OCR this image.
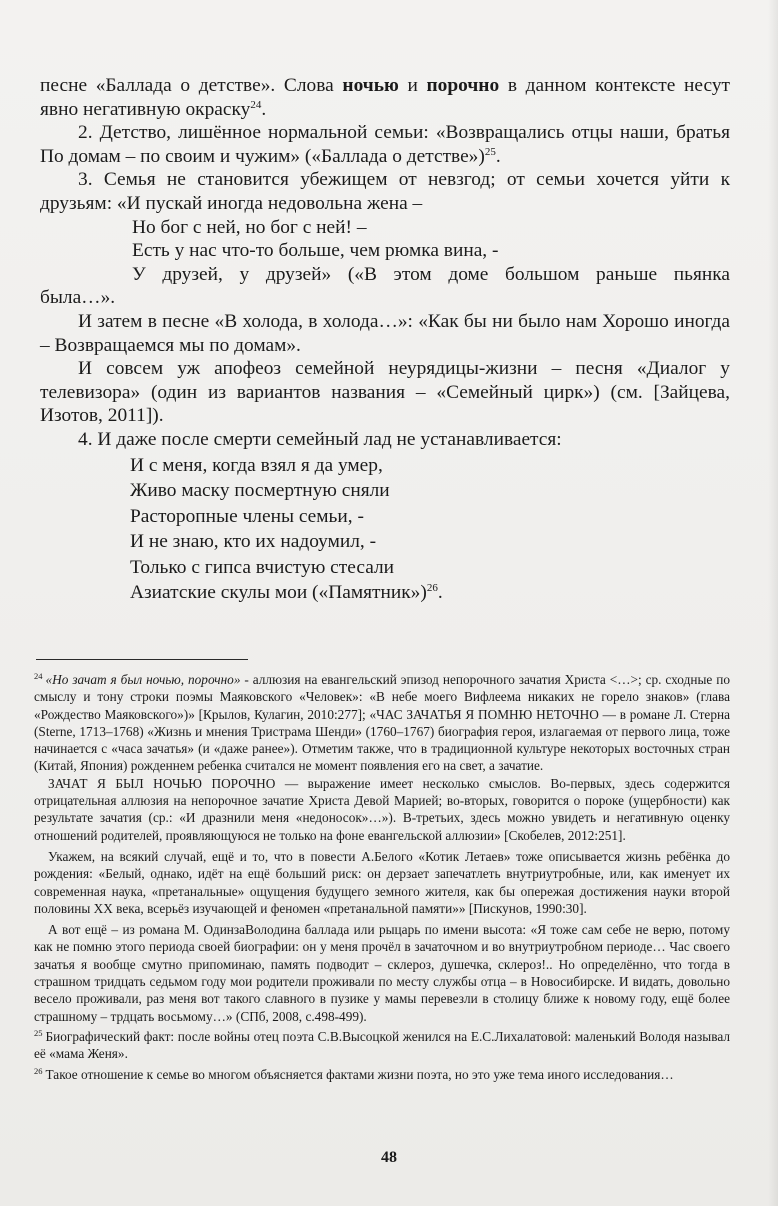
песне «Баллада о детстве». Слова ночью и порочно в данном контексте несут явно негативную окраску$^{24}$.

2. Детство, лишённое нормальной семьи: «Возвращались отцы наши, братья По домам – по своим и чужим» («Баллада о детстве»)$^{25}$.

3. Семья не становится убежищем от невзгод; от семьи хочется уйти к друзьям: «И пускай иногда недовольна жена –

Но бог с ней, но бог с ней! –

Есть у нас что-то больше, чем рюмка вина, -

У друзей, у друзей» («В этом доме большом раньше пьянка

была…».

И затем в песне «В холода, в холода…»: «Как бы ни было нам Хорошо иногда – Возвращаемся мы по домам».

И совсем уж апофеоз семейной неурядицы-жизни – песня «Диалог у телевизора» (один из вариантов названия – «Семейный цирк») (см. [Зайцева, Изотов, 2011]).

4. И даже после смерти семейный лад не устанавливается:

И с меня, когда взял я да умер,
Живо маску посмертную сняли
Расторопные члены семьи, -
И не знаю, кто их надоумил, -
Только с гипса вчистую стесали
Азиатские скулы мои («Памятник»)$^{26}$.

$^{24}$ «Но зачат я был ночью, порочно» - аллюзия на евангельский эпизод непорочного зачатия Христа <…>; ср. сходные по смыслу и тону строки поэмы Маяковского «Человек»: «В небе моего Вифлеема никаких не горело знаков» (глава «Рождество Маяковского»)» [Крылов, Кулагин, 2010:277]; «ЧАС ЗАЧАТЬЯ Я ПОМНЮ НЕТОЧНО — в романе Л. Стерна (Sterne, 1713–1768) «Жизнь и мнения Тристрама Шенди» (1760–1767) биография героя, излагаемая от первого лица, тоже начинается с «часа зачатья» (и «даже ранее»). Отметим также, что в традиционной культуре некоторых восточных стран (Китай, Япония) рожденнем ребенка считался не момент появления его на свет, а зачатие.

ЗАЧАТ Я БЫЛ НОЧЬЮ ПОРОЧНО — выражение имеет несколько смыслов. Во-первых, здесь содержится отрицательная аллюзия на непорочное зачатие Христа Девой Марией; во-вторых, говорится о пороке (ущербности) как результате зачатия (ср.: «И дразнили меня «недоносок»…»). В-третьих, здесь можно увидеть и негативную оценку отношений родителей, проявляющуюся не только на фоне евангельской аллюзии» [Скобелев, 2012:251].

Укажем, на всякий случай, ещё и то, что в повести А.Белого «Котик Летаев» тоже описывается жизнь ребёнка до рождения: «Белый, однако, идёт на ещё больший риск: он дерзает запечатлеть внутриутробные, или, как именует их современная наука, «претанальные» ощущения будущего земного жителя, как бы опережая достижения науки второй половины XX века, всерьёз изучающей и феномен «претанальной памяти»» [Пискунов, 1990:30].

А вот ещё – из романа М. ОдинзаВолодина баллада или рыцарь по имени высота: «Я тоже сам себе не верю, потому как не помню этого периода своей биографии: он у меня прочёл в зачаточном и во внутриутробном периоде… Час своего зачатья я вообще смутно припоминаю, память подводит – склероз, душечка, склероз!.. Но определённо, что тогда в страшном тридцать седьмом году мои родители проживали по месту службы отца – в Новосибирске. И видать, довольно весело проживали, раз меня вот такого славного в пузике у мамы перевезли в столицу ближе к новому году, ещё более страшному – трдцать восьмому…» (СПб, 2008, с.498-499).

$^{25}$ Биографический факт: после войны отец поэта С.В.Высоцкой женился на Е.С.Лихалатовой: маленький Володя называл её «мама Женя».

$^{26}$ Такое отношение к семье во многом объясняется фактами жизни поэта, но это уже тема иного исследования…

48
